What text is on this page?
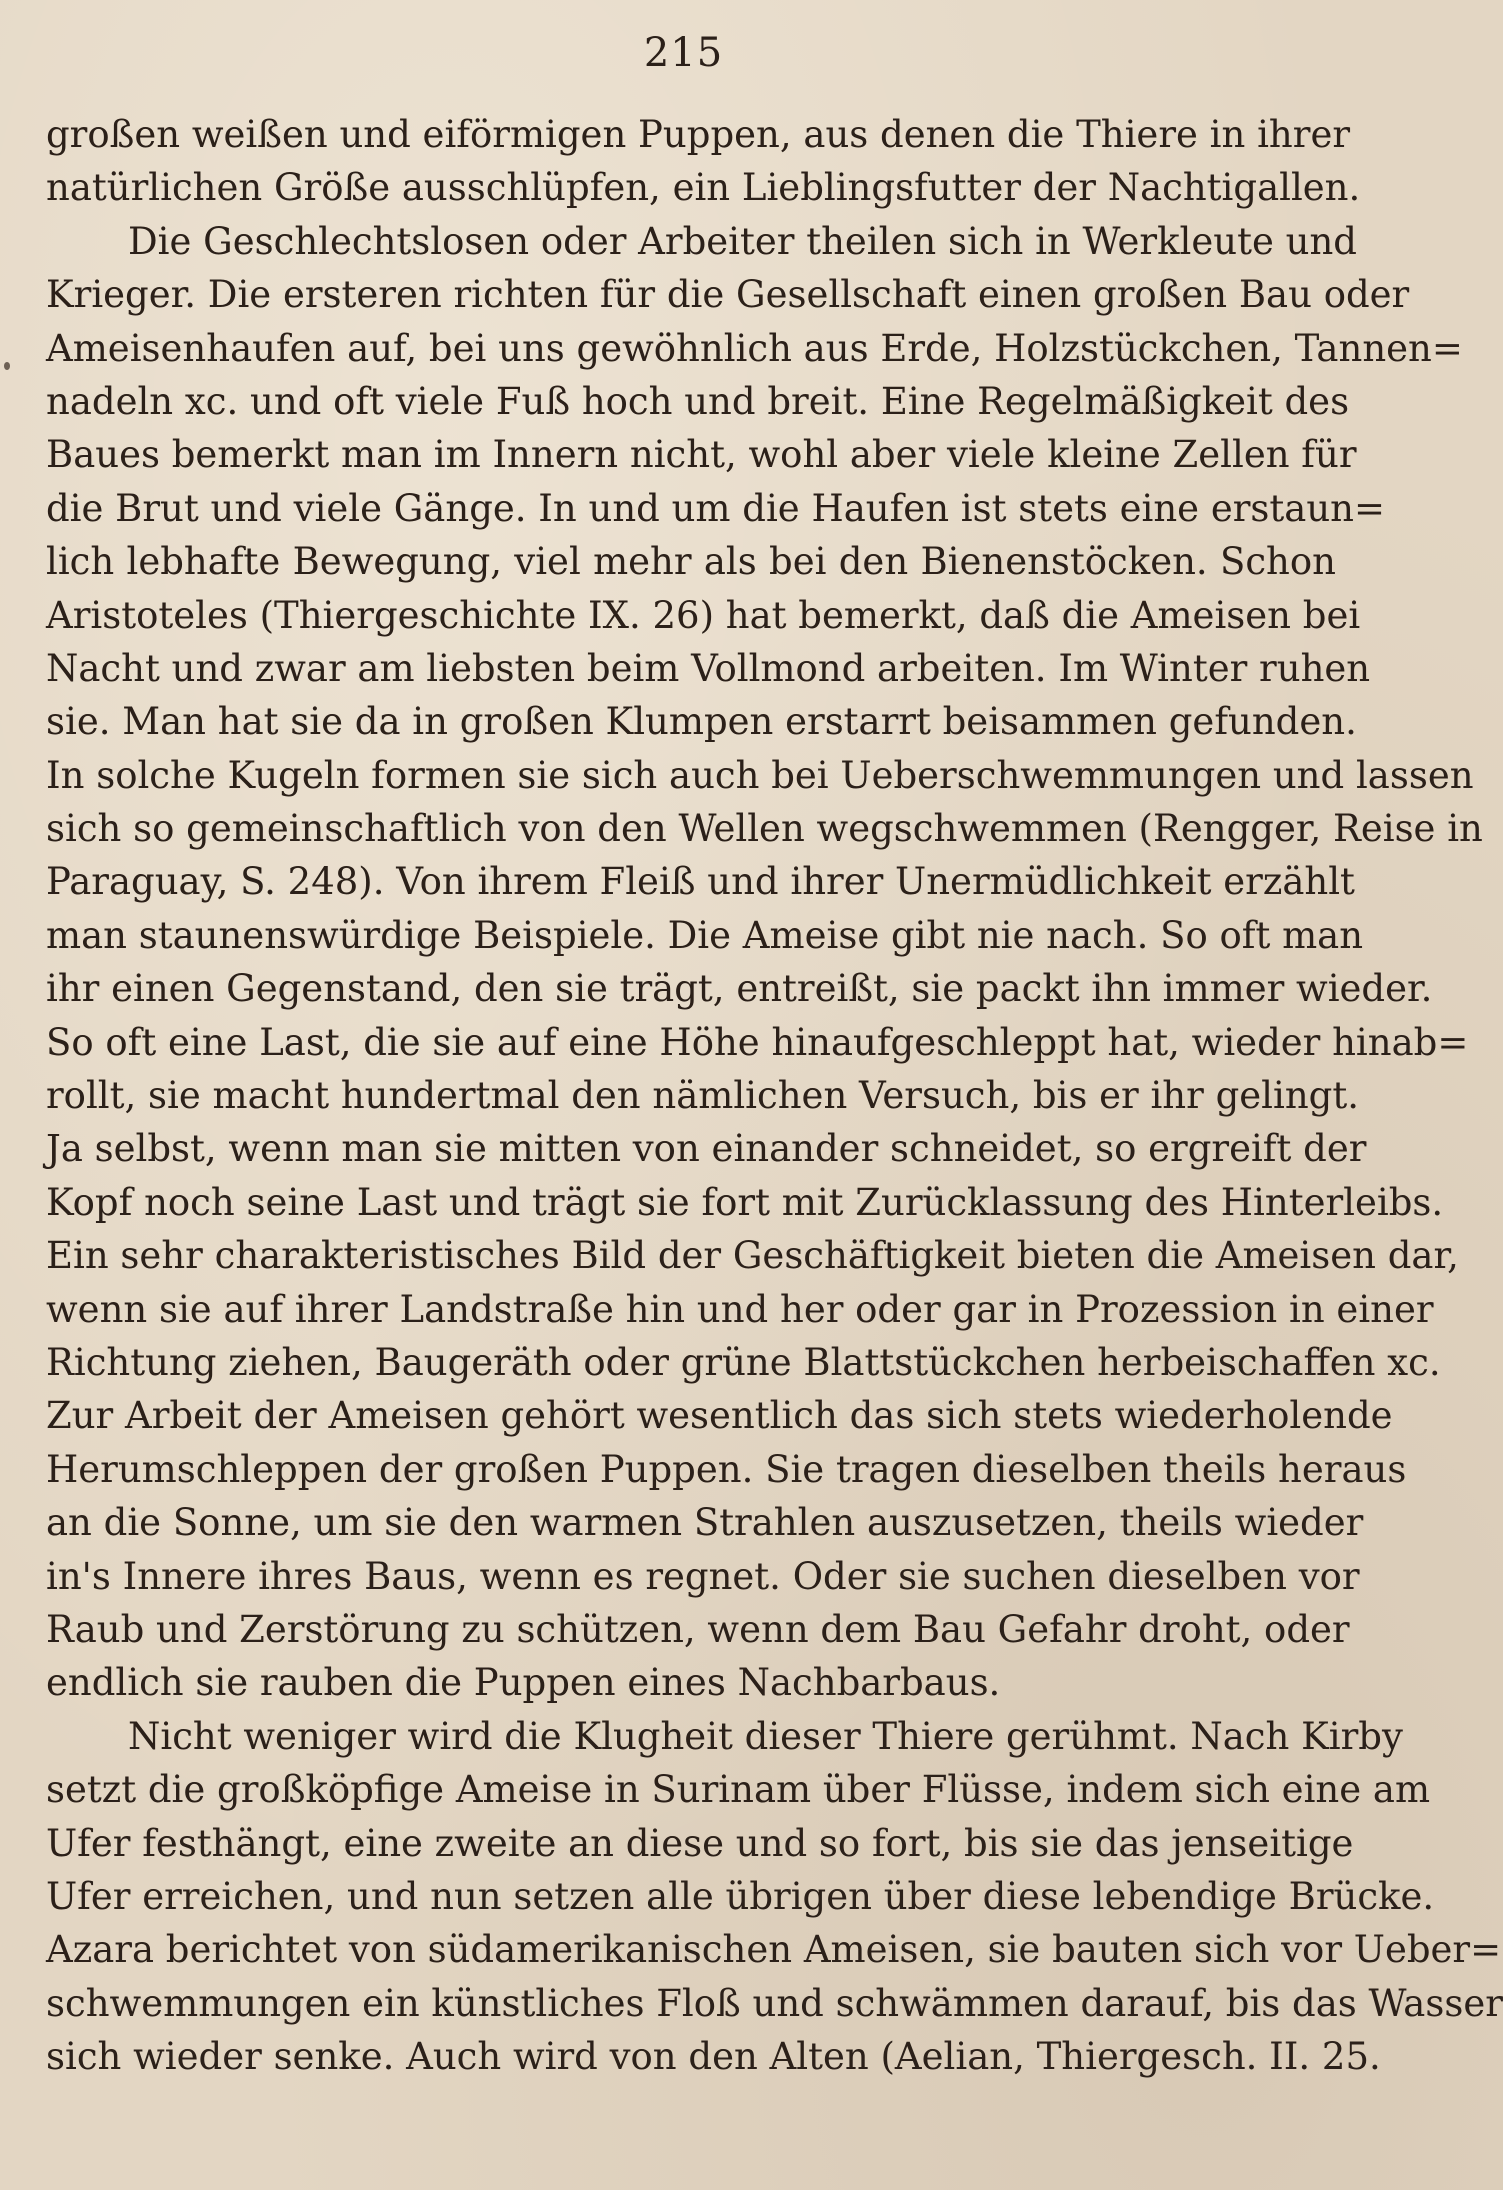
215
großen weißen und eiförmigen Puppen, aus denen die Thiere in ihrer
natürlichen Größe ausschlüpfen, ein Lieblingsfutter der Nachtigallen.
Die Geschlechtslosen oder Arbeiter theilen sich in Werkleute und
Krieger. Die ersteren richten für die Gesellschaft einen großen Bau oder
Ameisenhaufen auf, bei uns gewöhnlich aus Erde, Holzstückchen, Tannen=
nadeln xc. und oft viele Fuß hoch und breit. Eine Regelmäßigkeit des
Baues bemerkt man im Innern nicht, wohl aber viele kleine Zellen für
die Brut und viele Gänge. In und um die Haufen ist stets eine erstaun=
lich lebhafte Bewegung, viel mehr als bei den Bienenstöcken. Schon
Aristoteles (Thiergeschichte IX. 26) hat bemerkt, daß die Ameisen bei
Nacht und zwar am liebsten beim Vollmond arbeiten. Im Winter ruhen
sie. Man hat sie da in großen Klumpen erstarrt beisammen gefunden.
In solche Kugeln formen sie sich auch bei Ueberschwemmungen und lassen
sich so gemeinschaftlich von den Wellen wegschwemmen (Rengger, Reise in
Paraguay, S. 248). Von ihrem Fleiß und ihrer Unermüdlichkeit erzählt
man staunenswürdige Beispiele. Die Ameise gibt nie nach. So oft man
ihr einen Gegenstand, den sie trägt, entreißt, sie packt ihn immer wieder.
So oft eine Last, die sie auf eine Höhe hinaufgeschleppt hat, wieder hinab=
rollt, sie macht hundertmal den nämlichen Versuch, bis er ihr gelingt.
Ja selbst, wenn man sie mitten von einander schneidet, so ergreift der
Kopf noch seine Last und trägt sie fort mit Zurücklassung des Hinterleibs.
Ein sehr charakteristisches Bild der Geschäftigkeit bieten die Ameisen dar,
wenn sie auf ihrer Landstraße hin und her oder gar in Prozession in einer
Richtung ziehen, Baugeräth oder grüne Blattstückchen herbeischaffen xc.
Zur Arbeit der Ameisen gehört wesentlich das sich stets wiederholende
Herumschleppen der großen Puppen. Sie tragen dieselben theils heraus
an die Sonne, um sie den warmen Strahlen auszusetzen, theils wieder
in's Innere ihres Baus, wenn es regnet. Oder sie suchen dieselben vor
Raub und Zerstörung zu schützen, wenn dem Bau Gefahr droht, oder
endlich sie rauben die Puppen eines Nachbarbaus.
Nicht weniger wird die Klugheit dieser Thiere gerühmt. Nach Kirby
setzt die großköpfige Ameise in Surinam über Flüsse, indem sich eine am
Ufer festhängt, eine zweite an diese und so fort, bis sie das jenseitige
Ufer erreichen, und nun setzen alle übrigen über diese lebendige Brücke.
Azara berichtet von südamerikanischen Ameisen, sie bauten sich vor Ueber=
schwemmungen ein künstliches Floß und schwämmen darauf, bis das Wasser
sich wieder senke. Auch wird von den Alten (Aelian, Thiergesch. II. 25.
